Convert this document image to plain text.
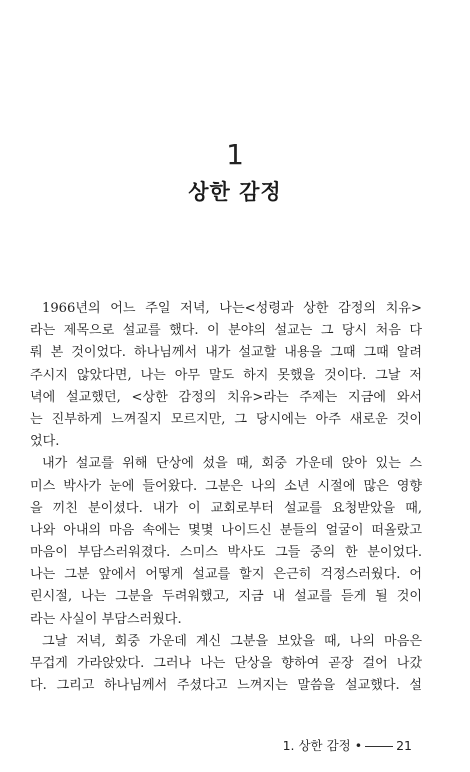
1
상한 감정
1966년의 어느 주일 저녁, 나는<성령과 상한 감정의 치유>
라는 제목으로 설교를 했다. 이 분야의 설교는 그 당시 처음 다
뤄 본 것이었다. 하나님께서 내가 설교할 내용을 그때 그때 알려
주시지 않았다면, 나는 아무 말도 하지 못했을 것이다. 그날 저
녁에 설교했던, <상한 감정의 치유>라는 주제는 지금에 와서
는 진부하게 느껴질지 모르지만, 그 당시에는 아주 새로운 것이
었다.
내가 설교를 위해 단상에 섰을 때, 회중 가운데 앉아 있는 스
미스 박사가 눈에 들어왔다. 그분은 나의 소년 시절에 많은 영향
을 끼친 분이셨다. 내가 이 교회로부터 설교를 요청받았을 때,
나와 아내의 마음 속에는 몇몇 나이드신 분들의 얼굴이 떠올랐고
마음이 부담스러워졌다. 스미스 박사도 그들 중의 한 분이었다.
나는 그분 앞에서 어떻게 설교를 할지 은근히 걱정스러웠다. 어
린시절, 나는 그분을 두려워했고, 지금 내 설교를 듣게 될 것이
라는 사실이 부담스러웠다.
그날 저녁, 회중 가운데 계신 그분을 보았을 때, 나의 마음은
무겁게 가라앉았다. 그러나 나는 단상을 향하여 곧장 걸어 나갔
다. 그리고 하나님께서 주셨다고 느껴지는 말씀을 설교했다. 설
1. 상한 감정 •	21
